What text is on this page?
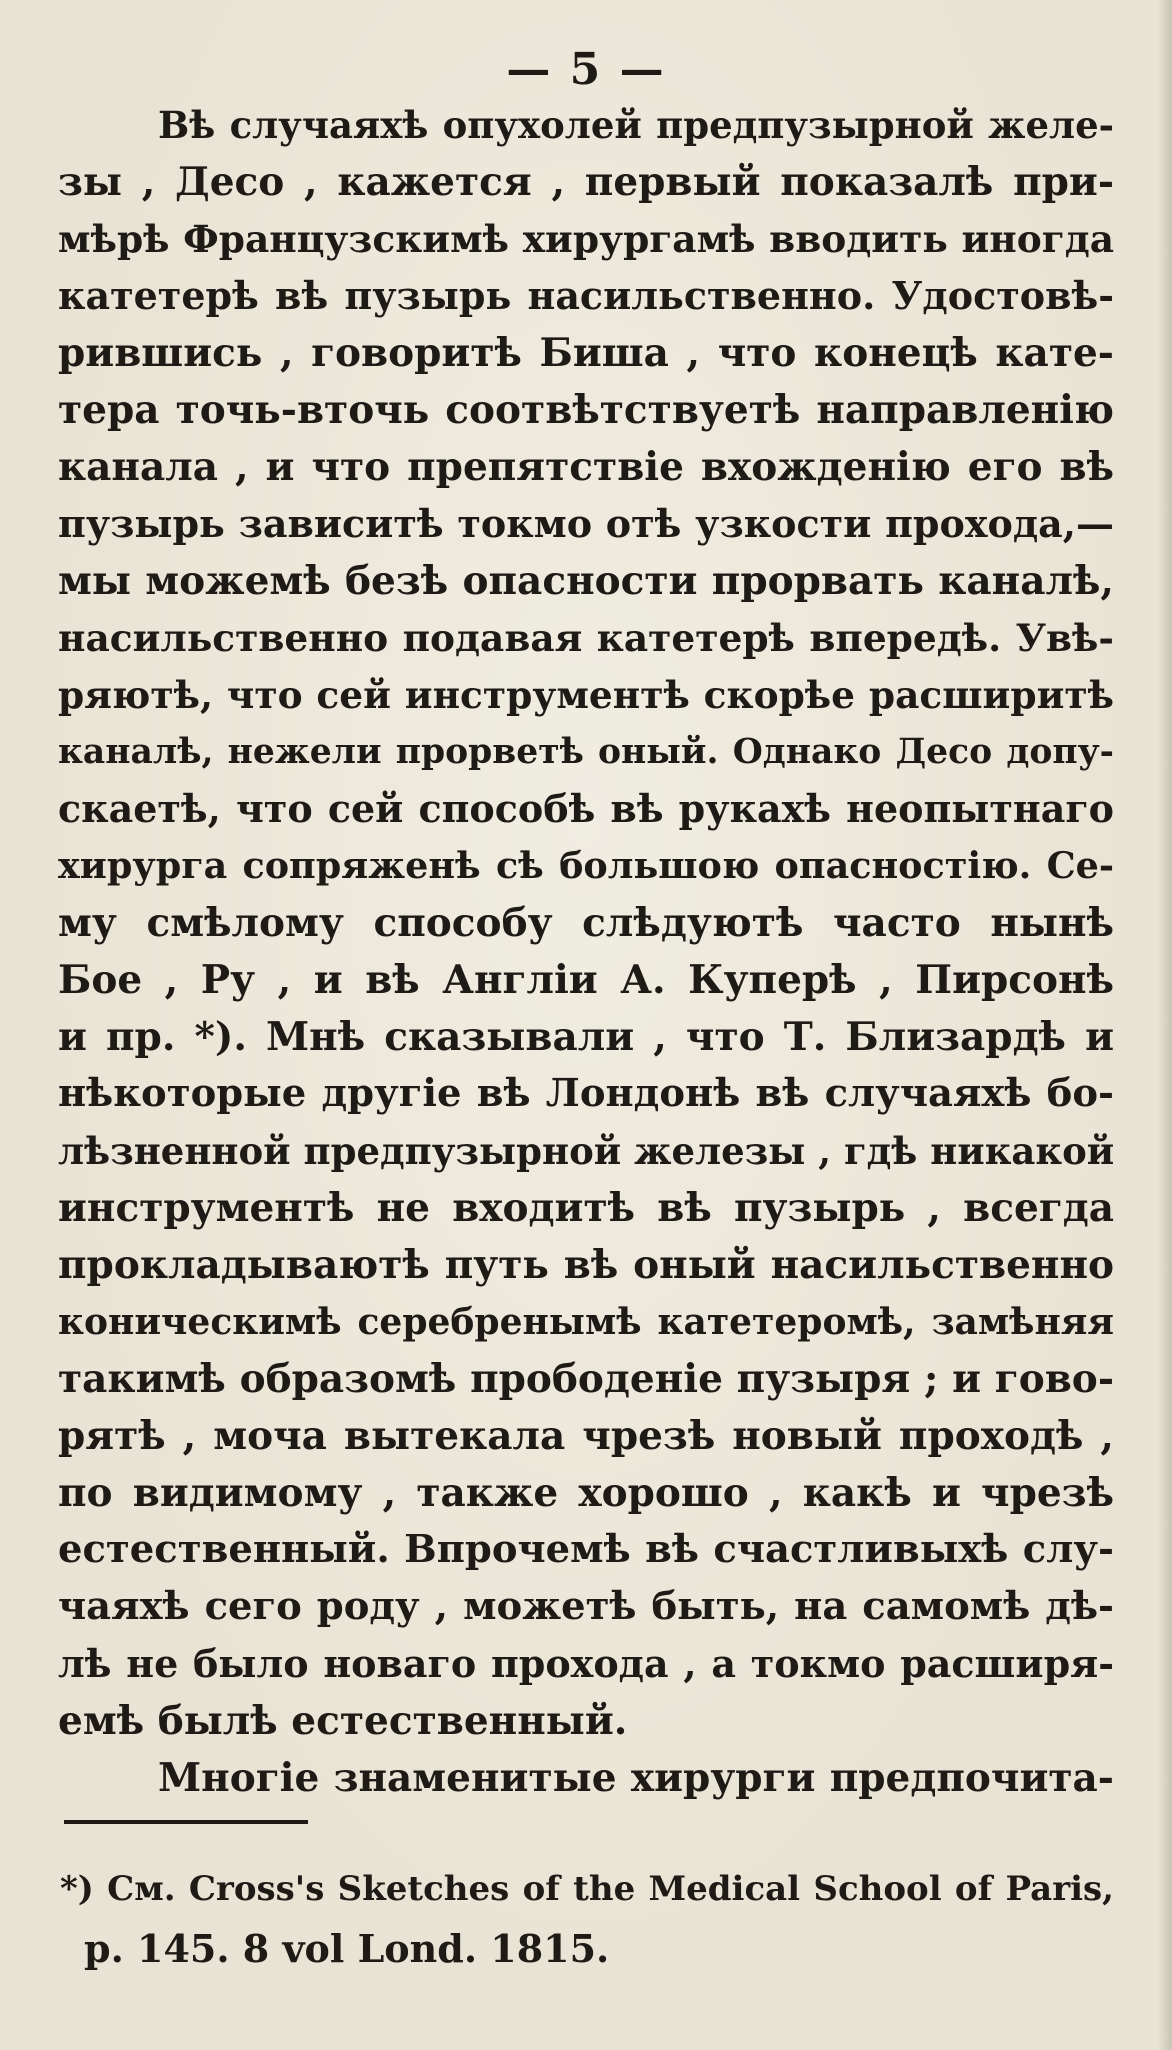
— 5 —
Вѣ случаяхѣ опухолей предпузырной желе-
зы , Десо , кажется , первый показалѣ при-
мѣрѣ Французскимѣ хирургамѣ вводить иногда
катетерѣ вѣ пузырь насильственно. Удостовѣ-
рившись , говоритѣ Биша , что конецѣ кате-
тера точь-вточь соотвѣтствуетѣ направленію
канала , и что препятствіе вхожденію его вѣ
пузырь зависитѣ токмо отѣ узкости прохода,—
мы можемѣ безѣ опасности прорвать каналѣ,
насильственно подавая катетерѣ впередѣ. Увѣ-
ряютѣ, что сей инструментѣ скорѣе расширитѣ
каналѣ, нежели прорветѣ оный. Однако Десо допу-
скаетѣ, что сей способѣ вѣ рукахѣ неопытнаго
хирурга сопряженѣ сѣ большою опасностію. Се-
му смѣлому способу слѣдуютѣ часто нынѣ
Бое , Ру , и вѣ Англіи А. Куперѣ , Пирсонѣ
и пр. *). Мнѣ сказывали , что Т. Близардѣ и
нѣкоторые другіе вѣ Лондонѣ вѣ случаяхѣ бо-
лѣзненной предпузырной железы , гдѣ никакой
инструментѣ не входитѣ вѣ пузырь , всегда
прокладываютѣ путь вѣ оный насильственно
коническимѣ серебренымѣ катетеромѣ, замѣняя
такимѣ образомѣ прободеніе пузыря ; и гово-
рятѣ , моча вытекала чрезѣ новый проходѣ ,
по видимому , также хорошо , какѣ и чрезѣ
естественный. Впрочемѣ вѣ счастливыхѣ слу-
чаяхѣ сего роду , можетѣ быть, на самомѣ дѣ-
лѣ не было новаго прохода , а токмо расширя-
емѣ былѣ естественный.
Многіе знаменитые хирурги предпочита-
*) См. Cross's Sketches of the Medical School of Paris,
p. 145. 8 vol Lond. 1815.
